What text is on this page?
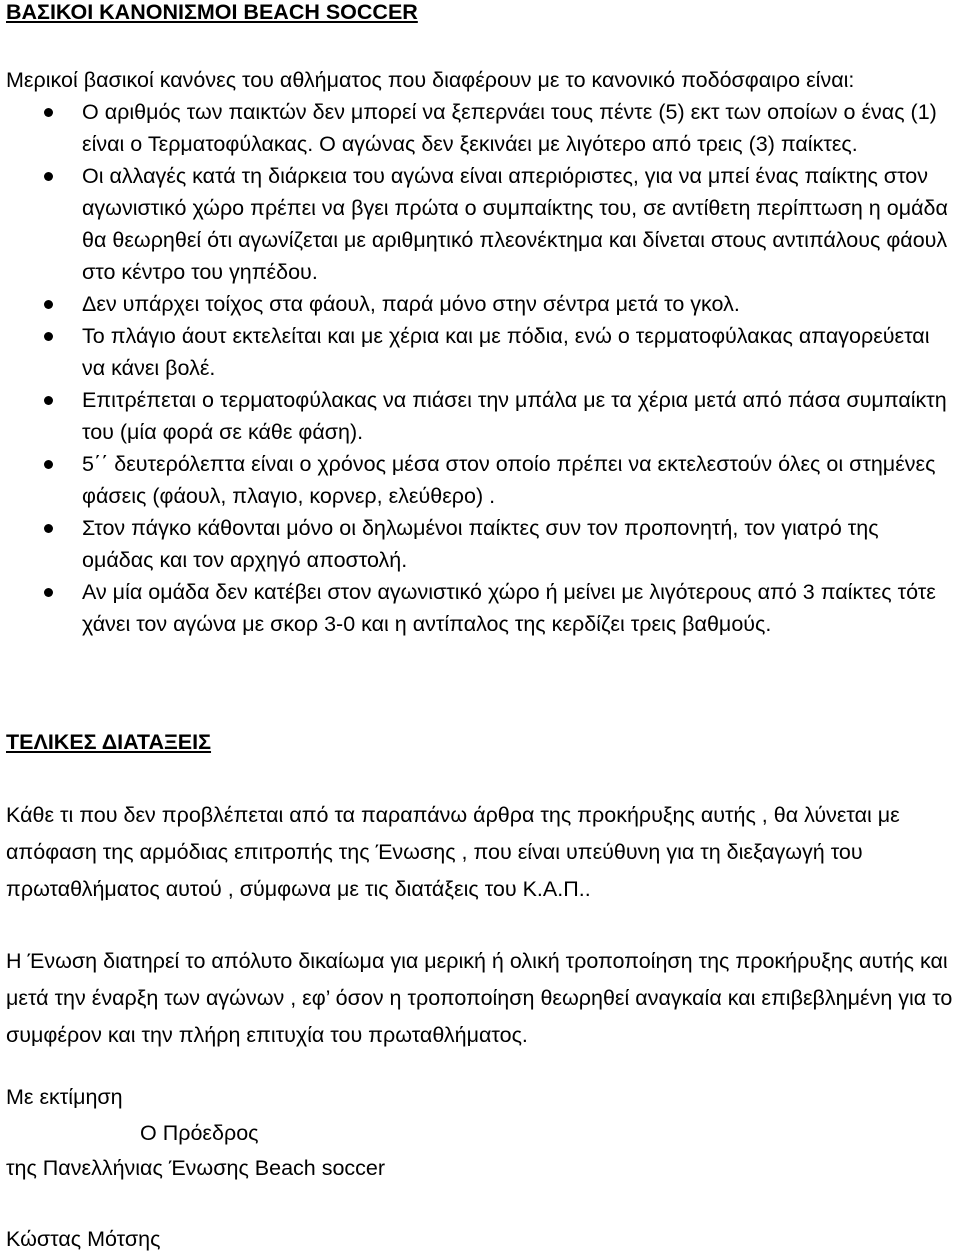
ΒΑΣΙΚΟΙ ΚΑΝΟΝΙΣΜΟΙ BEACH SOCCER
Μερικοί βασικοί κανόνες του αθλήματος που διαφέρουν με το κανονικό ποδόσφαιρο είναι:
Ο αριθμός των παικτών δεν μπορεί να ξεπερνάει τους πέντε (5) εκτ των οποίων ο ένας (1) είναι ο Τερματοφύλακας. Ο αγώνας δεν ξεκινάει με λιγότερο από τρεις (3) παίκτες.
Οι αλλαγές κατά τη διάρκεια του αγώνα είναι απεριόριστες, για να μπεί ένας παίκτης στον αγωνιστικό χώρο πρέπει να βγει πρώτα ο συμπαίκτης του, σε αντίθετη περίπτωση η ομάδα θα θεωρηθεί ότι αγωνίζεται με αριθμητικό πλεονέκτημα και δίνεται στους αντιπάλους φάουλ στο κέντρο του γηπέδου.
Δεν υπάρχει τοίχος στα φάουλ, παρά μόνο στην σέντρα μετά το γκολ.
Το πλάγιο άουτ εκτελείται και με χέρια και με πόδια, ενώ ο τερματοφύλακας απαγορεύεται να κάνει βολέ.
Επιτρέπεται ο τερματοφύλακας να πιάσει την μπάλα με τα χέρια μετά από πάσα συμπαίκτη του (μία φορά σε κάθε φάση).
5΄΄ δευτερόλεπτα είναι ο χρόνος μέσα στον οποίο πρέπει να εκτελεστούν όλες οι στημένες φάσεις (φάουλ, πλαγιο, κορνερ, ελεύθερο) .
Στον πάγκο κάθονται μόνο οι δηλωμένοι παίκτες συν τον προπονητή, τον γιατρό της ομάδας και τον αρχηγό αποστολή.
Αν μία ομάδα δεν κατέβει στον αγωνιστικό χώρο ή μείνει με λιγότερους από 3 παίκτες τότε χάνει τον αγώνα με σκορ 3-0 και η αντίπαλος της κερδίζει τρεις βαθμούς.
ΤΕΛΙΚΕΣ ΔΙΑΤΑΞΕΙΣ
Κάθε τι που δεν προβλέπεται από τα παραπάνω άρθρα της προκήρυξης αυτής , θα λύνεται με απόφαση της αρμόδιας επιτροπής της Ένωσης , που είναι υπεύθυνη για τη διεξαγωγή του πρωταθλήματος αυτού , σύμφωνα με τις διατάξεις του Κ.Α.Π..
Η Ένωση διατηρεί το απόλυτο δικαίωμα για μερική ή ολική τροποποίηση της προκήρυξης αυτής και μετά την έναρξη των αγώνων , εφ’ όσον η τροποποίηση θεωρηθεί αναγκαία και επιβεβλημένη για το συμφέρον και την πλήρη επιτυχία του πρωταθλήματος.
Με εκτίμηση
Ο Πρόεδρος
της Πανελλήνιας Ένωσης Beach soccer
Κώστας Μότσης
